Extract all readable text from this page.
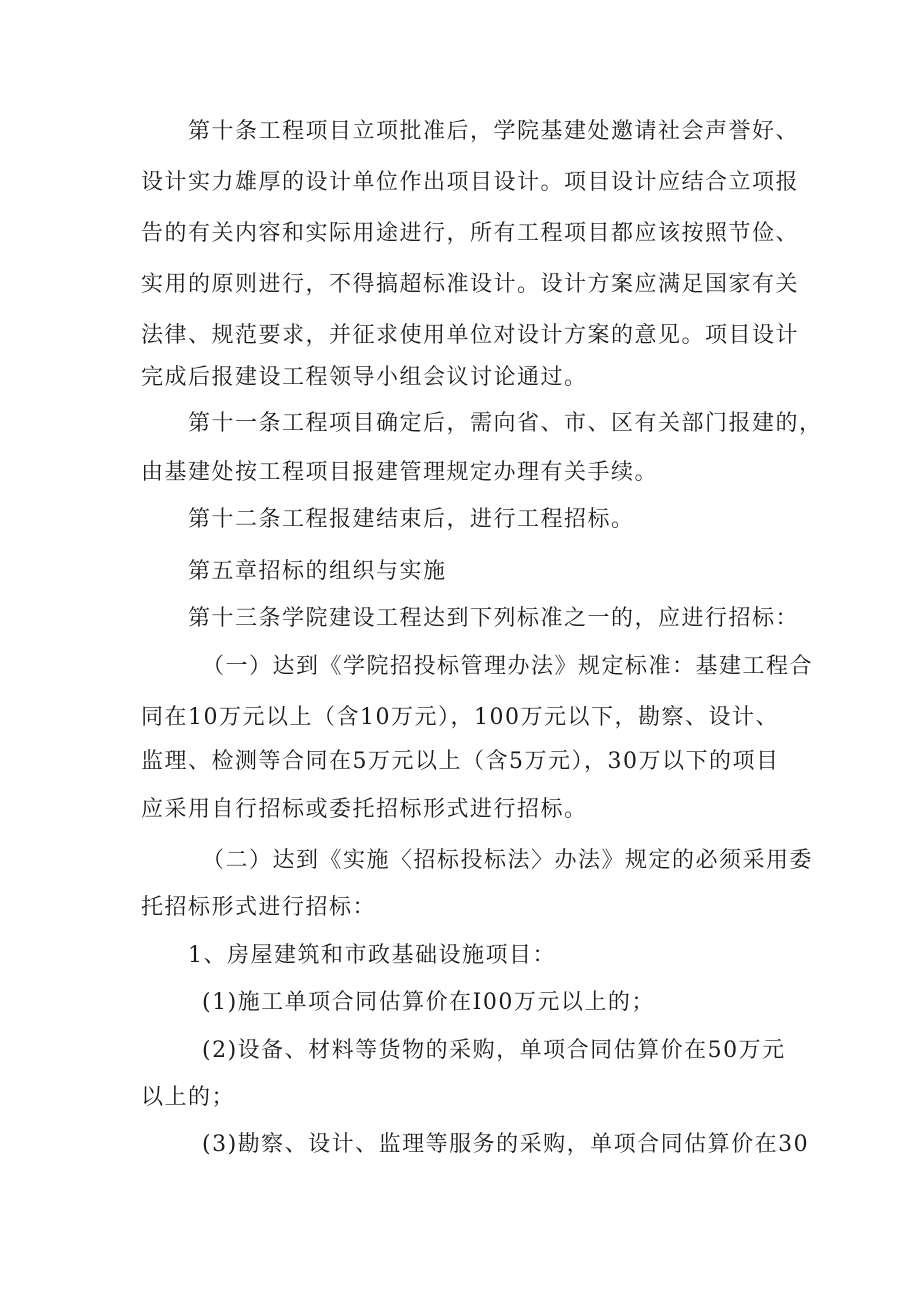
第十条工程项目立项批准后，学院基建处邀请社会声誉好、
设计实力雄厚的设计单位作出项目设计。项目设计应结合立项报
告的有关内容和实际用途进行，所有工程项目都应该按照节俭、
实用的原则进行，不得搞超标准设计。设计方案应满足国家有关
法律、规范要求，并征求使用单位对设计方案的意见。项目设计
完成后报建设工程领导小组会议讨论通过。
第十一条工程项目确定后，需向省、市、区有关部门报建的，
由基建处按工程项目报建管理规定办理有关手续。
第十二条工程报建结束后，进行工程招标。
第五章招标的组织与实施
第十三条学院建设工程达到下列标准之一的，应进行招标：
（一）达到《学院招投标管理办法》规定标准：基建工程合
同在10万元以上（含10万元），100万元以下，勘察、设计、
监理、检测等合同在5万元以上（含5万元），30万以下的项目
应采用自行招标或委托招标形式进行招标。
（二）达到《实施〈招标投标法〉办法》规定的必须采用委
托招标形式进行招标：
1、房屋建筑和市政基础设施项目：
(1)施工单项合同估算价在I00万元以上的；
(2)设备、材料等货物的采购，单项合同估算价在50万元
以上的；
(3)勘察、设计、监理等服务的采购，单项合同估算价在30
